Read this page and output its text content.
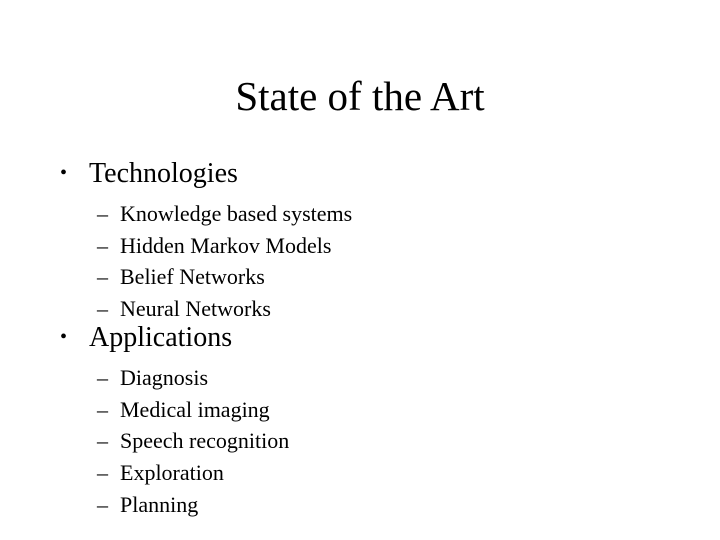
State of the Art
• Technologies
– Knowledge based systems
– Hidden Markov Models
– Belief Networks
– Neural Networks
• Applications
– Diagnosis
– Medical imaging
– Speech recognition
– Exploration
– Planning
